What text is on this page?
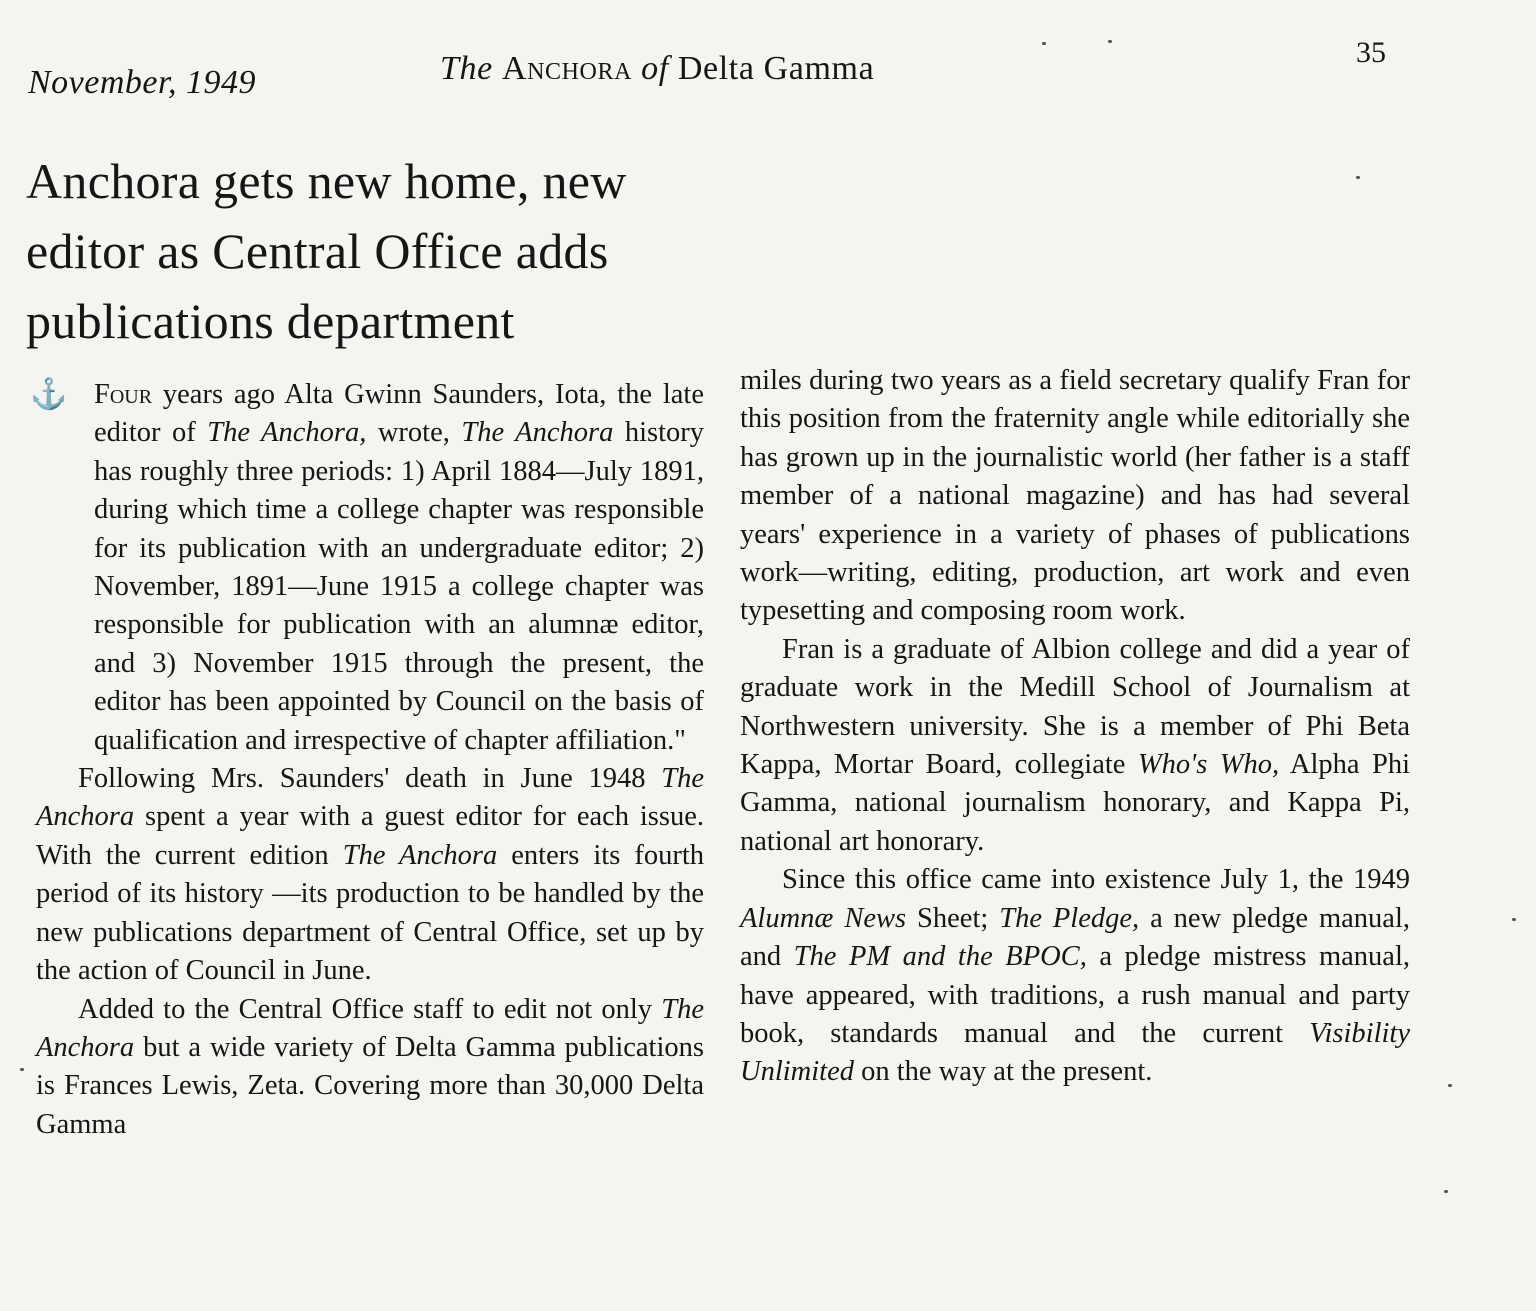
November, 1949	The Anchora of Delta Gamma	35
Anchora gets new home, new editor as Central Office adds publications department

⚓ Four years ago Alta Gwinn Saunders, Iota, the late editor of The Anchora, wrote, The Anchora history has roughly three periods: 1) April 1884—July 1891, during which time a college chapter was responsible for its publication with an undergraduate editor; 2) November, 1891—June 1915 a college chapter was responsible for publication with an alumnæ editor, and 3) November 1915 through the present, the editor has been appointed by Council on the basis of qualification and irrespective of chapter affiliation."

Following Mrs. Saunders' death in June 1948 The Anchora spent a year with a guest editor for each issue. With the current edition The Anchora enters its fourth period of its history —its production to be handled by the new publications department of Central Office, set up by the action of Council in June.

Added to the Central Office staff to edit not only The Anchora but a wide variety of Delta Gamma publications is Frances Lewis, Zeta. Covering more than 30,000 Delta Gamma

miles during two years as a field secretary qualify Fran for this position from the fraternity angle while editorially she has grown up in the journalistic world (her father is a staff member of a national magazine) and has had several years' experience in a variety of phases of publications work—writing, editing, production, art work and even typesetting and composing room work.

Fran is a graduate of Albion college and did a year of graduate work in the Medill School of Journalism at Northwestern university. She is a member of Phi Beta Kappa, Mortar Board, collegiate Who's Who, Alpha Phi Gamma, national journalism honorary, and Kappa Pi, national art honorary.

Since this office came into existence July 1, the 1949 Alumnæ News Sheet; The Pledge, a new pledge manual, and The PM and the BPOC, a pledge mistress manual, have appeared, with traditions, a rush manual and party book, standards manual and the current Visibility Unlimited on the way at the present.
